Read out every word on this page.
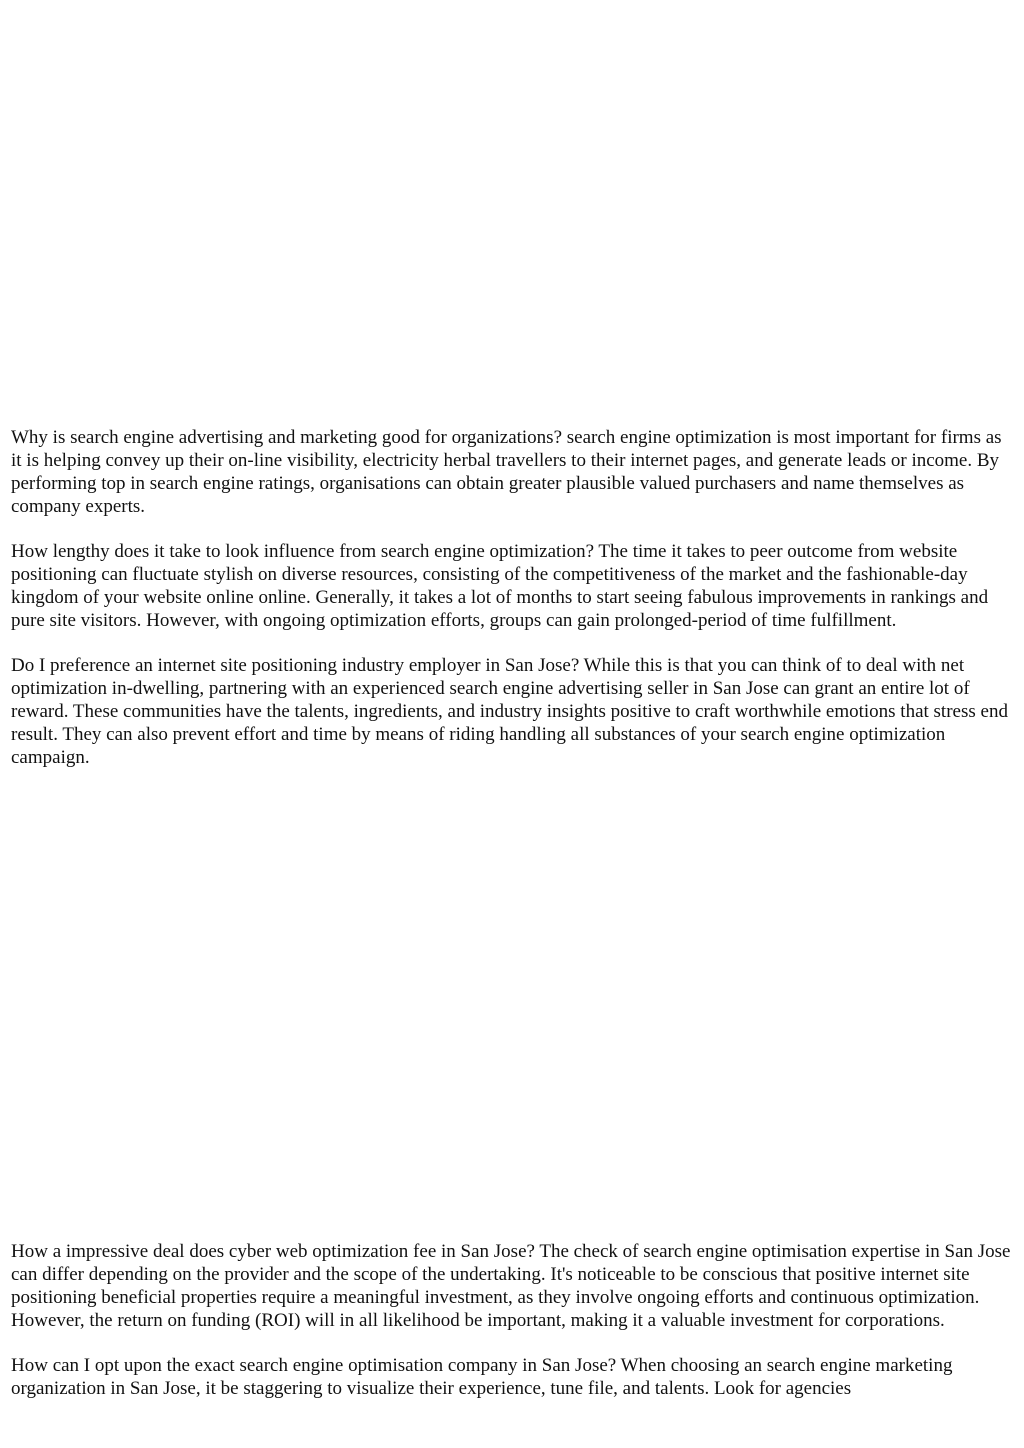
Why is search engine advertising and marketing good for organizations? search engine optimization is most important for firms as it is helping convey up their on-line visibility, electricity herbal travellers to their internet pages, and generate leads or income. By performing top in search engine ratings, organisations can obtain greater plausible valued purchasers and name themselves as company experts.

How lengthy does it take to look influence from search engine optimization? The time it takes to peer outcome from website positioning can fluctuate stylish on diverse resources, consisting of the competitiveness of the market and the fashionable-day kingdom of your website online online. Generally, it takes a lot of months to start seeing fabulous improvements in rankings and pure site visitors. However, with ongoing optimization efforts, groups can gain prolonged-period of time fulfillment.

Do I preference an internet site positioning industry employer in San Jose? While this is that you can think of to deal with net optimization in-dwelling, partnering with an experienced search engine advertising seller in San Jose can grant an entire lot of reward. These communities have the talents, ingredients, and industry insights positive to craft worthwhile emotions that stress end result. They can also prevent effort and time by means of riding handling all substances of your search engine optimization campaign.

How a impressive deal does cyber web optimization fee in San Jose? The check of search engine optimisation expertise in San Jose can differ depending on the provider and the scope of the undertaking. It's noticeable to be conscious that positive internet site positioning beneficial properties require a meaningful investment, as they involve ongoing efforts and continuous optimization. However, the return on funding (ROI) will in all likelihood be important, making it a valuable investment for corporations.

How can I opt upon the exact search engine optimisation company in San Jose? When choosing an search engine marketing organization in San Jose, it be staggering to visualize their experience, tune file, and talents. Look for agencies
